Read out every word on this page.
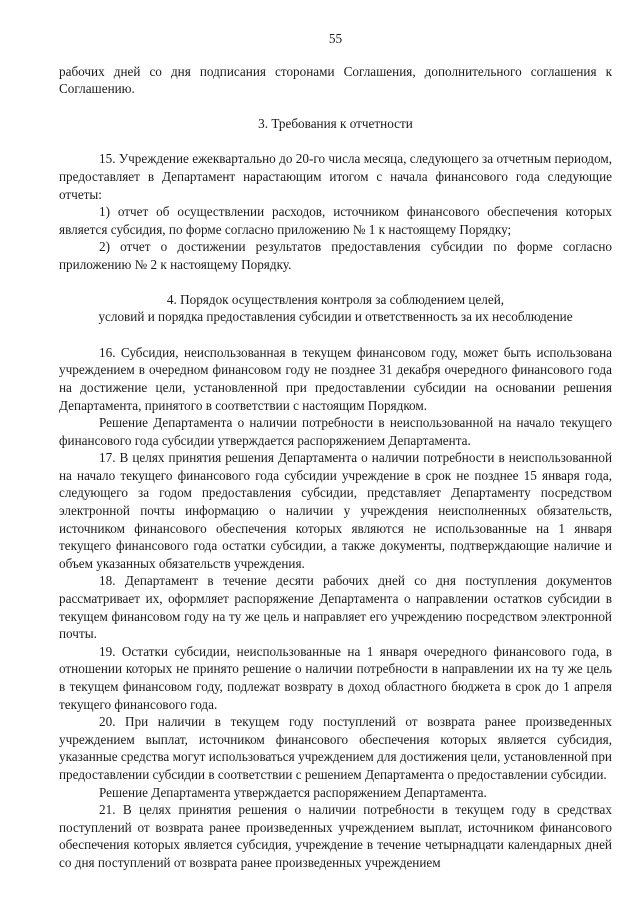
55

рабочих дней со дня подписания сторонами Соглашения, дополнительного соглашения к Соглашению.

3. Требования к отчетности

15. Учреждение ежеквартально до 20-го числа месяца, следующего за отчетным периодом, предоставляет в Департамент нарастающим итогом с начала финансового года следующие отчеты:

1) отчет об осуществлении расходов, источником финансового обеспечения которых является субсидия, по форме согласно приложению № 1 к настоящему Порядку;

2) отчет о достижении результатов предоставления субсидии по форме согласно приложению № 2 к настоящему Порядку.

4. Порядок осуществления контроля за соблюдением целей,

условий и порядка предоставления субсидии и ответственность за их несоблюдение

16. Субсидия, неиспользованная в текущем финансовом году, может быть использована учреждением в очередном финансовом году не позднее 31 декабря очередного финансового года на достижение цели, установленной при предоставлении субсидии на основании решения Департамента, принятого в соответствии с настоящим Порядком.

Решение Департамента о наличии потребности в неиспользованной на начало текущего финансового года субсидии утверждается распоряжением Департамента.

17. В целях принятия решения Департамента о наличии потребности в неиспользованной на начало текущего финансового года субсидии учреждение в срок не позднее 15 января года, следующего за годом предоставления субсидии, представляет Департаменту посредством электронной почты информацию о наличии у учреждения неисполненных обязательств, источником финансового обеспечения которых являются не использованные на 1 января текущего финансового года остатки субсидии, а также документы, подтверждающие наличие и объем указанных обязательств учреждения.

18. Департамент в течение десяти рабочих дней со дня поступления документов рассматривает их, оформляет распоряжение Департамента о направлении остатков субсидии в текущем финансовом году на ту же цель и направляет его учреждению посредством электронной почты.

19. Остатки субсидии, неиспользованные на 1 января очередного финансового года, в отношении которых не принято решение о наличии потребности в направлении их на ту же цель в текущем финансовом году, подлежат возврату в доход областного бюджета в срок до 1 апреля текущего финансового года.

20. При наличии в текущем году поступлений от возврата ранее произведенных учреждением выплат, источником финансового обеспечения которых является субсидия, указанные средства могут использоваться учреждением для достижения цели, установленной при предоставлении субсидии в соответствии с решением Департамента о предоставлении субсидии.

Решение Департамента утверждается распоряжением Департамента.

21. В целях принятия решения о наличии потребности в текущем году в средствах поступлений от возврата ранее произведенных учреждением выплат, источником финансового обеспечения которых является субсидия, учреждение в течение четырнадцати календарных дней со дня поступлений от возврата ранее произведенных учреждением
